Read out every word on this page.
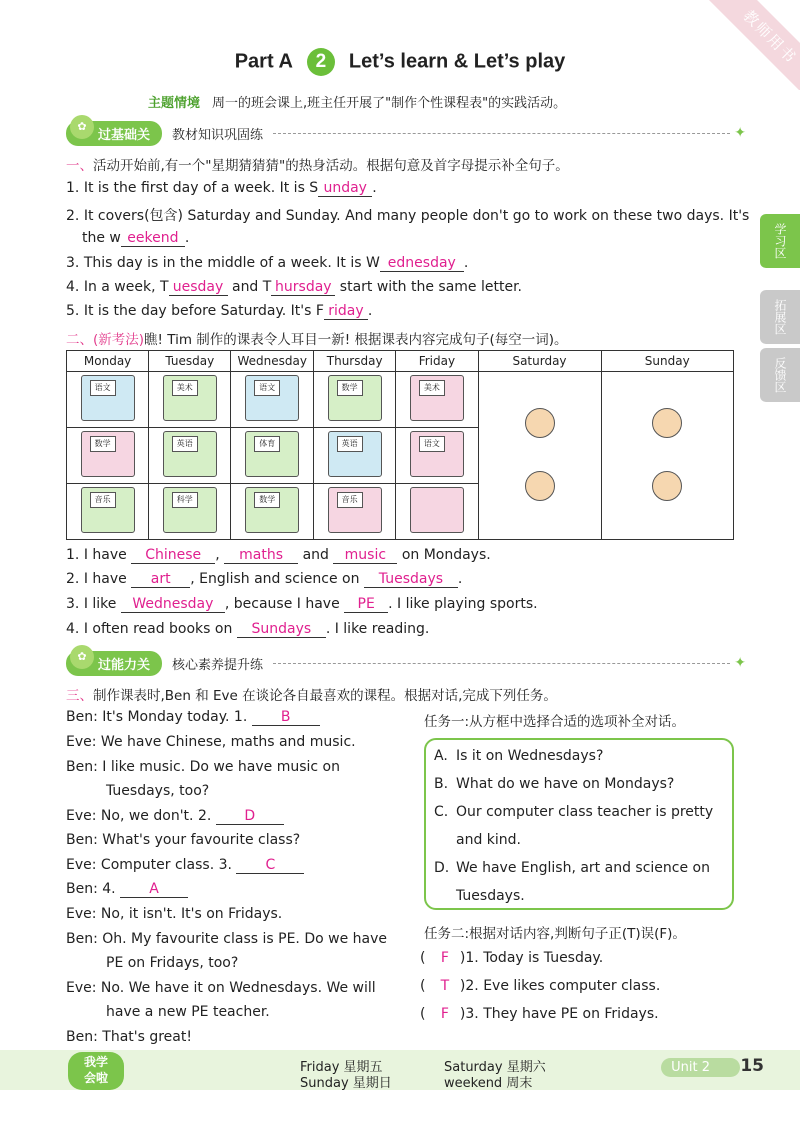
教师用书
Part A 2 Let’s learn & Let’s play
主题情境 周一的班会课上,班主任开展了"制作个性课程表"的实践活动。
✿
过基础关	教材知识巩固练	✦
一、活动开始前,有一个"星期猜猜猜"的热身活动。根据句意及首字母提示补全句子。
1. It is the first day of a week. It is S unday .
2. It covers(包含) Saturday and Sunday. And many people don't go to work on these two days. It's
the w eekend .
3. This day is in the middle of a week. It is W ednesday .
4. In a week, T uesday and T hursday start with the same letter.
5. It is the day before Saturday. It's F riday .
二、(新考法)瞧! Tim 制作的课表令人耳目一新! 根据课表内容完成句子(每空一词)。
Monday	Tuesday	Wednesday	Thursday	Friday	Saturday	Sunday

语文	美术	语文	数学	美术		

数学	英语	体育	英语	语文		

音乐	科学	数学	音乐			

1. I have Chinese , maths and music on Mondays.
2. I have art , English and science on Tuesdays .
3. I like Wednesday , because I have PE . I like playing sports.
4. I often read books on Sundays . I like reading.
✿
过能力关	核心素养提升练	✦
三、制作课表时,Ben 和 Eve 在谈论各自最喜欢的课程。根据对话,完成下列任务。
Ben: It's Monday today. 1. B
Eve: We have Chinese, maths and music.
Ben: I like music. Do we have music on
Tuesdays, too?
Eve: No, we don't. 2. D
Ben: What's your favourite class?
Eve: Computer class. 3. C
Ben: 4. A
Eve: No, it isn't. It's on Fridays.
Ben: Oh. My favourite class is PE. Do we have
PE on Fridays, too?
Eve: No. We have it on Wednesdays. We will
have a new PE teacher.
Ben: That's great!
任务一:从方框中选择合适的选项补全对话。
A. Is it on Wednesdays?
B. What do we have on Mondays?
C. Our computer class teacher is pretty
and kind.
D. We have English, art and science on
Tuesdays.
任务二:根据对话内容,判断句子正(T)误(F)。
( F )1. Today is Tuesday.
( T )2. Eve likes computer class.
( F )3. They have PE on Fridays.
学习区
拓展区
反馈区
我学
会啦
Friday 星期五
Sunday 星期日
Saturday 星期六
weekend 周末
Unit 2	15
